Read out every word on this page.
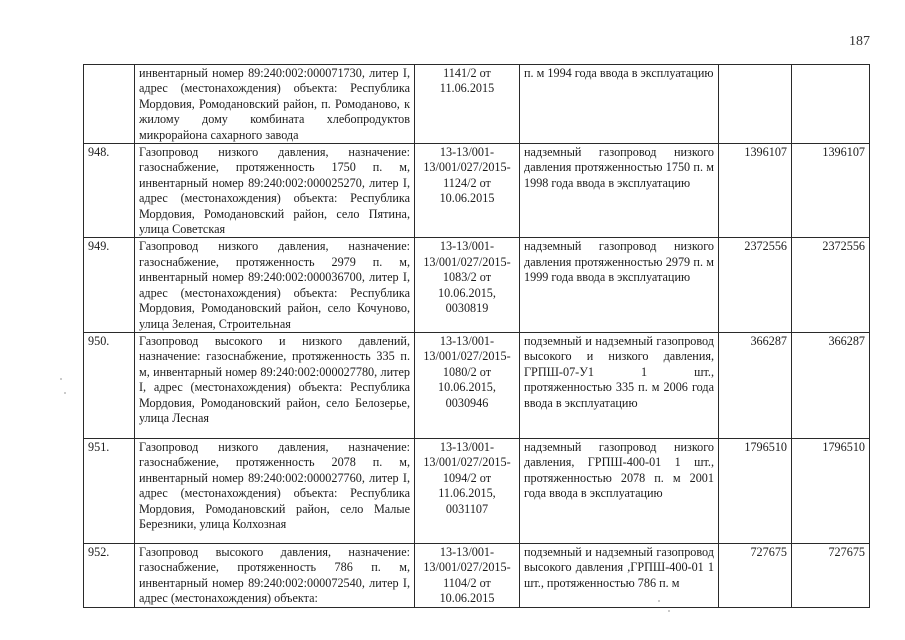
187
	инвентарный номер 89:240:002:000071730, литер I, адрес (местонахождения) объекта: Республика Мордовия, Ромодановский район, п. Ромоданово, к жилому дому комбината хлебопродуктов микрорайона сахарного завода	1141/2 от 11.06.2015	п. м 1994 года ввода в эксплуатацию		
948.	Газопровод низкого давления, назначение: газоснабжение, протяженность 1750 п. м, инвентарный номер 89:240:002:000025270, литер I, адрес (местонахождения) объекта: Республика Мордовия, Ромодановский район, село Пятина, улица Советская	13-13/001-13/001/027/2015-1124/2 от 10.06.2015	надземный газопровод низкого давления протяженностью 1750 п. м 1998 года ввода в эксплуатацию	1396107	1396107
949.	Газопровод низкого давления, назначение: газоснабжение, протяженность 2979 п. м, инвентарный номер 89:240:002:000036700, литер I, адрес (местонахождения) объекта: Республика Мордовия, Ромодановский район, село Кочуново, улица Зеленая, Строительная	13-13/001-13/001/027/2015-1083/2 от 10.06.2015, 0030819	надземный газопровод низкого давления протяженностью 2979 п. м 1999 года ввода в эксплуатацию	2372556	2372556
950.	Газопровод высокого и низкого давлений, назначение: газоснабжение, протяженность 335 п. м, инвентарный номер 89:240:002:000027780, литер I, адрес (местонахождения) объекта: Республика Мордовия, Ромодановский район, село Белозерье, улица Лесная	13-13/001-13/001/027/2015-1080/2 от 10.06.2015, 0030946	подземный и надземный газопровод высокого и низкого давления, ГРПШ-07-У1 1 шт., протяженностью 335 п. м 2006 года ввода в эксплуатацию	366287	366287
951.	Газопровод низкого давления, назначение: газоснабжение, протяженность 2078 п. м, инвентарный номер 89:240:002:000027760, литер I, адрес (местонахождения) объекта: Республика Мордовия, Ромодановский район, село Малые Березники, улица Колхозная	13-13/001-13/001/027/2015-1094/2 от 11.06.2015, 0031107	надземный газопровод низкого давления, ГРПШ-400-01 1 шт., протяженностью 2078 п. м 2001 года ввода в эксплуатацию	1796510	1796510
952.	Газопровод высокого давления, назначение: газоснабжение, протяженность 786 п. м, инвентарный номер 89:240:002:000072540, литер I, адрес (местонахождения) объекта:	13-13/001-13/001/027/2015-1104/2 от 10.06.2015	подземный и надземный газопровод высокого давления ,ГРПШ-400-01 1 шт., протяженностью 786 п. м	727675	727675
